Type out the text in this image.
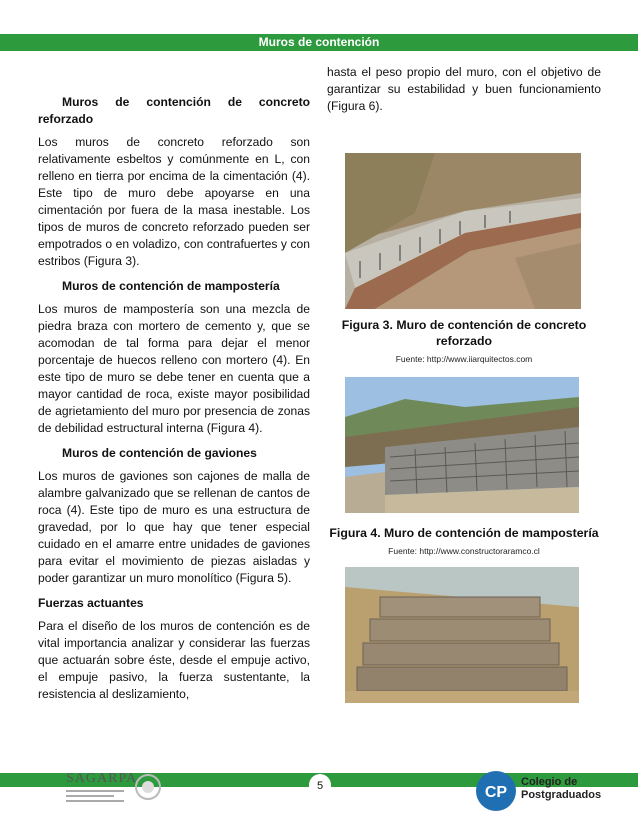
Muros de contención

Muros de contención de concreto reforzado

Los muros de concreto reforzado son relativamente esbeltos y comúnmente en L, con relleno en tierra por encima de la cimentación (4). Este tipo de muro debe apoyarse en una cimentación por fuera de la masa inestable. Los tipos de muros de concreto reforzado pueden ser empotrados o en voladizo, con contrafuertes y con estribos (Figura 3).

Muros de contención de mampostería

Los muros de mampostería son una mezcla de piedra braza con mortero de cemento y, que se acomodan de tal forma para dejar el menor porcentaje de huecos relleno con mortero (4). En este tipo de muro se debe tener en cuenta que a mayor cantidad de roca, existe mayor posibilidad de agrietamiento del muro por presencia de zonas de debilidad estructural interna (Figura 4).

Muros de contención de gaviones

Los muros de gaviones son cajones de malla de alambre galvanizado que se rellenan de cantos de roca (4). Este tipo de muro es una estructura de gravedad, por lo que hay que tener especial cuidado en el amarre entre unidades de gaviones para evitar el movimiento de piezas aisladas y poder garantizar un muro monolítico (Figura 5).

Fuerzas actuantes

Para el diseño de los muros de contención es de vital importancia analizar y considerar las fuerzas que actuarán sobre éste, desde el empuje activo, el empuje pasivo, la fuerza sustentante, la resistencia al deslizamiento,

hasta el peso propio del muro, con el objetivo de garantizar su estabilidad y buen funcionamiento (Figura 6).

Figura 3. Muro de contención de concreto reforzado
Fuente: http://www.iiarquitectos.com
Figura 4. Muro de contención de mampostería
Fuente: http://www.constructoraramco.cl
5
SAGARPA
CP
Colegio de
Postgraduados
